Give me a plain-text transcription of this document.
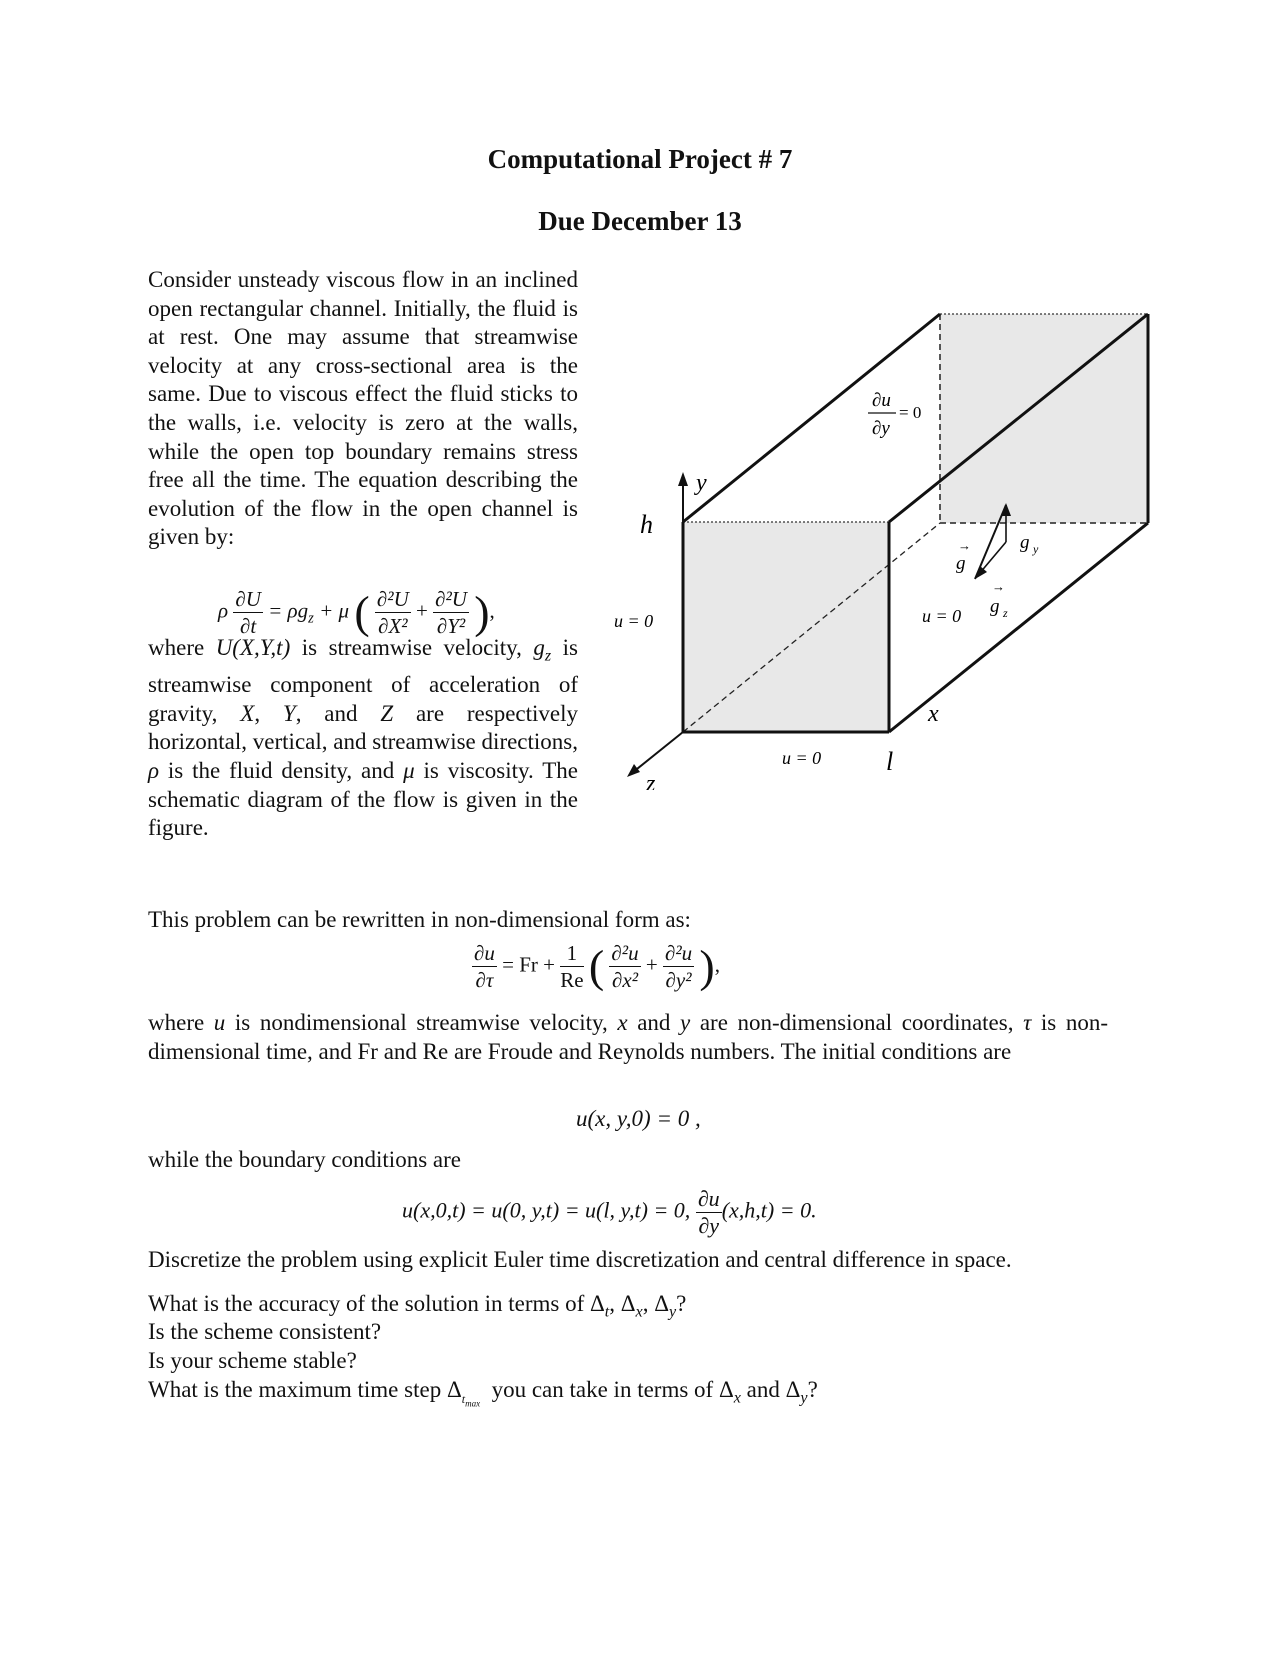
Computational Project # 7
Due December 13
Consider unsteady viscous flow in an inclined open rectangular channel. Initially, the fluid is at rest. One may assume that streamwise velocity at any cross-sectional area is the same. Due to viscous effect the fluid sticks to the walls, i.e. velocity is zero at the walls, while the open top boundary remains stress free all the time. The equation describing the evolution of the flow in the open channel is given by:
ρ $\frac{\partial U}{\partial t} = \rho g_z + \mu$ ( $\frac{\text{∂²U}}{\text{∂X²}} + \frac{\text{∂²U}}{\text{∂Y²}}$ ),
where U(X,Y,t) is streamwise velocity, $g_z$ is streamwise component of acceleration of gravity, X, Y, and Z are respectively horizontal, vertical, and streamwise directions, ρ is the fluid density, and μ is viscosity. The schematic diagram of the flow is given in the figure.
∂u
∂y
= 0
y
h
u = 0
u = 0
u = 0
l
x
z
g
→	g y
g
→
z
This problem can be rewritten in non-dimensional form as:
$\frac{\partial u}{\partial\tau} = Fr + \frac{1}{Re}$ ( $\frac{\text{∂²u}}{\text{∂x²}} + \frac{\text{∂²u}}{\text{∂y²}}$ ),
where u is nondimensional streamwise velocity, x and y are non-dimensional coordinates, τ is non-dimensional time, and Fr and Re are Froude and Reynolds numbers. The initial conditions are
u(x, y,0) = 0 ,
while the boundary conditions are
u(x,0,t) = u(0, y,t) = u(l, y,t) = 0, $\frac{\partial u}{\partial y} (x,h,t) = 0$.
Discretize the problem using explicit Euler time discretization and central difference in space.
What is the accuracy of the solution in terms of $\Delta_t$, $\Delta_x$, $\Delta_y$?
Is the scheme consistent?
Is your scheme stable?
What is the maximum time step $\Delta_{t_{max}}$  you can take in terms of $\Delta_x$ and $\Delta_y$?
